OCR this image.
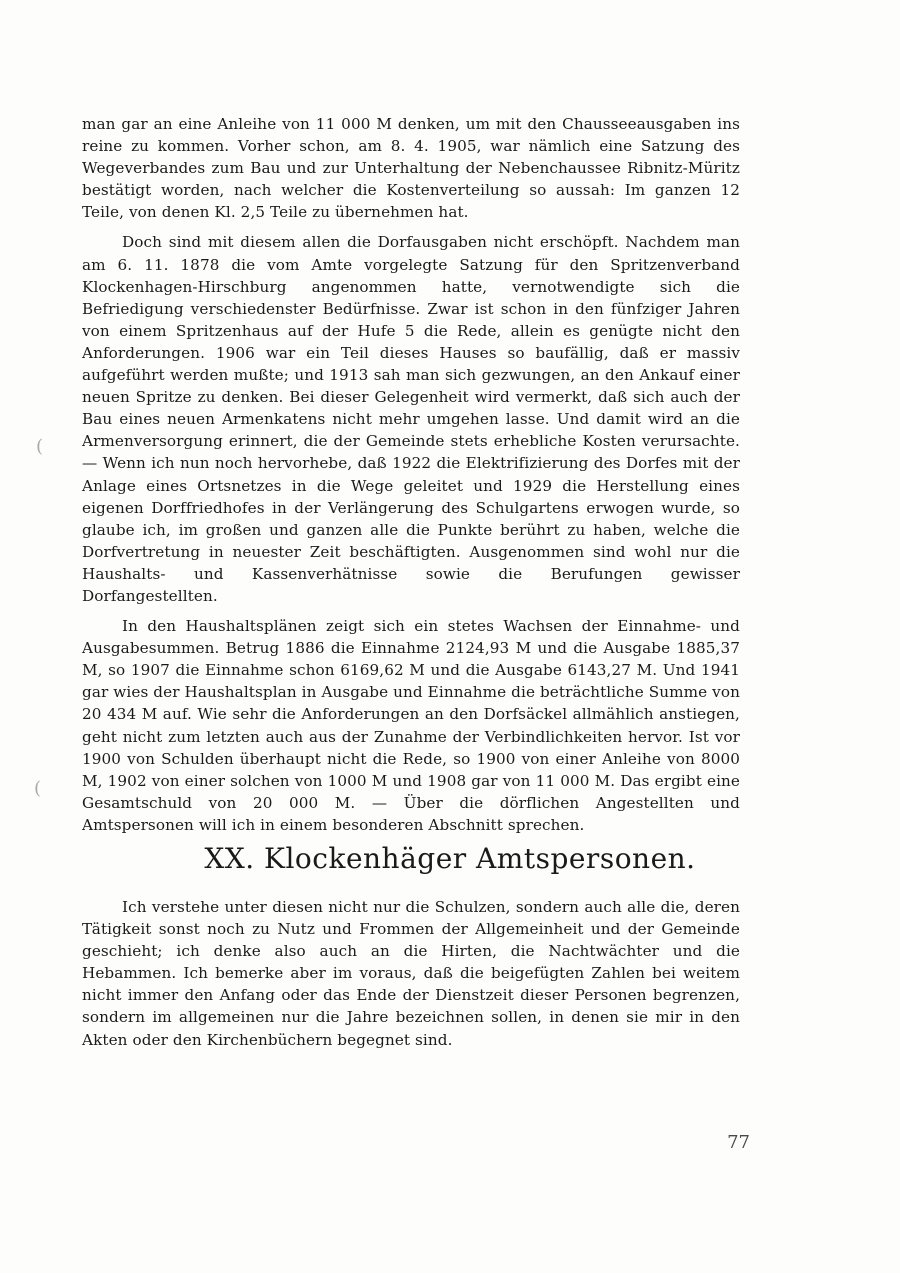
(
(

man gar an eine Anleihe von 11 000 M denken, um mit den Chausseeausgaben ins reine zu kommen. Vorher schon, am 8. 4. 1905, war nämlich eine Satzung des Wegeverbandes zum Bau und zur Unterhaltung der Nebenchaussee Ribnitz-Müritz bestätigt worden, nach welcher die Kostenverteilung so aussah: Im ganzen 12 Teile, von denen Kl. 2,5 Teile zu übernehmen hat.

Doch sind mit diesem allen die Dorfausgaben nicht erschöpft. Nachdem man am 6. 11. 1878 die vom Amte vorgelegte Satzung für den Spritzenverband Klockenhagen-Hirschburg angenommen hatte, vernotwendigte sich die Befriedigung verschiedenster Bedürfnisse. Zwar ist schon in den fünfziger Jahren von einem Spritzenhaus auf der Hufe 5 die Rede, allein es genügte nicht den Anforderungen. 1906 war ein Teil dieses Hauses so baufällig, daß er massiv aufgeführt werden mußte; und 1913 sah man sich gezwungen, an den Ankauf einer neuen Spritze zu denken. Bei dieser Gelegenheit wird vermerkt, daß sich auch der Bau eines neuen Armenkatens nicht mehr umgehen lasse. Und damit wird an die Armenversorgung erinnert, die der Gemeinde stets erhebliche Kosten verursachte. — Wenn ich nun noch hervorhebe, daß 1922 die Elektrifizierung des Dorfes mit der Anlage eines Ortsnetzes in die Wege geleitet und 1929 die Herstellung eines eigenen Dorffriedhofes in der Verlängerung des Schulgartens erwogen wurde, so glaube ich, im großen und ganzen alle die Punkte berührt zu haben, welche die Dorfvertretung in neuester Zeit beschäftigten. Ausgenommen sind wohl nur die Haushalts- und Kassenverhätnisse sowie die Berufungen gewisser Dorfangestellten.

In den Haushaltsplänen zeigt sich ein stetes Wachsen der Einnahme- und Ausgabesummen. Betrug 1886 die Einnahme 2124,93 M und die Ausgabe 1885,37 M, so 1907 die Einnahme schon 6169,62 M und die Ausgabe 6143,27 M. Und 1941 gar wies der Haushaltsplan in Ausgabe und Einnahme die beträchtliche Summe von 20 434 M auf. Wie sehr die Anforderungen an den Dorfsäckel allmählich anstiegen, geht nicht zum letzten auch aus der Zunahme der Verbindlichkeiten hervor. Ist vor 1900 von Schulden überhaupt nicht die Rede, so 1900 von einer Anleihe von 8000 M, 1902 von einer solchen von 1000 M und 1908 gar von 11 000 M. Das ergibt eine Gesamtschuld von 20 000 M. — Über die dörflichen Angestellten und Amtspersonen will ich in einem besonderen Abschnitt sprechen.

XX. Klockenhäger Amtspersonen.

Ich verstehe unter diesen nicht nur die Schulzen, sondern auch alle die, deren Tätigkeit sonst noch zu Nutz und Frommen der Allgemeinheit und der Gemeinde geschieht; ich denke also auch an die Hirten, die Nachtwächter und die Hebammen. Ich bemerke aber im voraus, daß die beigefügten Zahlen bei weitem nicht immer den Anfang oder das Ende der Dienstzeit dieser Personen begrenzen, sondern im allgemeinen nur die Jahre bezeichnen sollen, in denen sie mir in den Akten oder den Kirchenbüchern begegnet sind.

77
